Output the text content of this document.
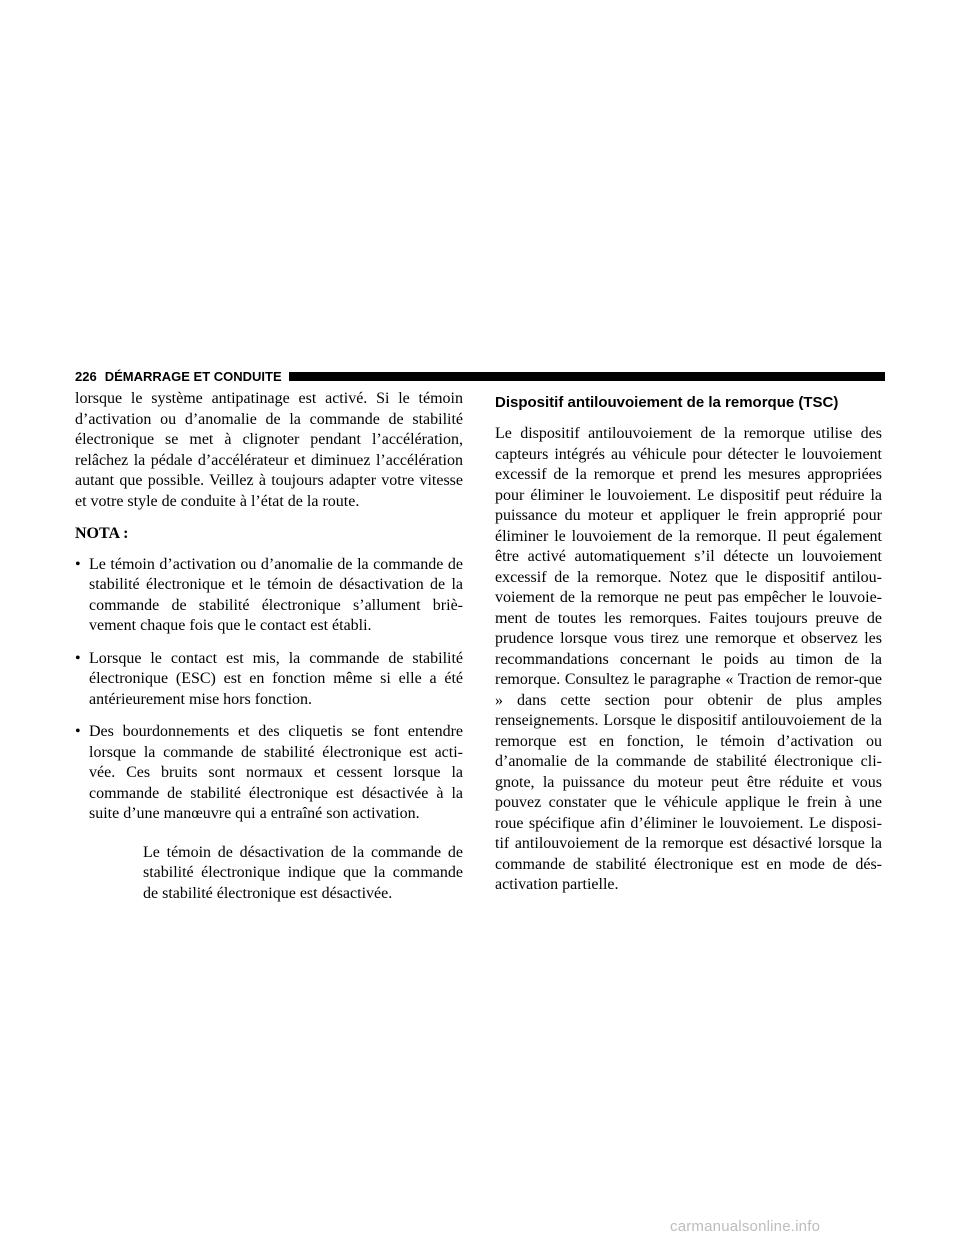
226 DÉMARRAGE ET CONDUITE

lorsque le système antipatinage est activé. Si le témoin d’activation ou d’anomalie de la commande de stabilité électronique se met à clignoter pendant l’accélération, relâchez la pédale d’accélérateur et diminuez l’accélération autant que possible. Veillez à toujours adapter votre vitesse et votre style de conduite à l’état de la route.

NOTA :

• Le témoin d’activation ou d’anomalie de la commande de stabilité électronique et le témoin de désactivation de la commande de stabilité électronique s’allument briè-vement chaque fois que le contact est établi.
• Lorsque le contact est mis, la commande de stabilité électronique (ESC) est en fonction même si elle a été antérieurement mise hors fonction.
• Des bourdonnements et des cliquetis se font entendre lorsque la commande de stabilité électronique est acti-vée. Ces bruits sont normaux et cessent lorsque la commande de stabilité électronique est désactivée à la suite d’une manœuvre qui a entraîné son activation.

Le témoin de désactivation de la commande de stabilité électronique indique que la commande de stabilité électronique est désactivée.

Dispositif antilouvoiement de la remorque (TSC)

Le dispositif antilouvoiement de la remorque utilise des capteurs intégrés au véhicule pour détecter le louvoiement excessif de la remorque et prend les mesures appropriées pour éliminer le louvoiement. Le dispositif peut réduire la puissance du moteur et appliquer le frein approprié pour éliminer le louvoiement de la remorque. Il peut également être activé automatiquement s’il détecte un louvoiement excessif de la remorque. Notez que le dispositif antilou-voiement de la remorque ne peut pas empêcher le louvoie-ment de toutes les remorques. Faites toujours preuve de prudence lorsque vous tirez une remorque et observez les recommandations concernant le poids au timon de la remorque. Consultez le paragraphe « Traction de remor-que » dans cette section pour obtenir de plus amples renseignements. Lorsque le dispositif antilouvoiement de la remorque est en fonction, le témoin d’activation ou d’anomalie de la commande de stabilité électronique cli-gnote, la puissance du moteur peut être réduite et vous pouvez constater que le véhicule applique le frein à une roue spécifique afin d’éliminer le louvoiement. Le disposi-tif antilouvoiement de la remorque est désactivé lorsque la commande de stabilité électronique est en mode de dés-activation partielle.

carmanualsonline.info
